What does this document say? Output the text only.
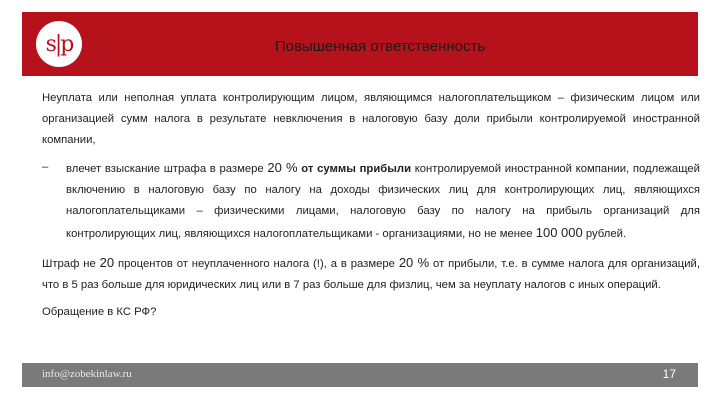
s|p	Повышенная ответственность

Неуплата или неполная уплата контролирующим лицом, являющимся налогоплательщиком – физическим лицом или организацией сумм налога в результате невключения в налоговую базу доли прибыли контролируемой иностранной компании,

–	влечет взыскание штрафа в размере 20 % от суммы прибыли контролируемой иностранной компании, подлежащей включению в налоговую базу по налогу на доходы физических лиц для контролирующих лиц, являющихся налогоплательщиками – физическими лицами, налоговую базу по налогу на прибыль организаций для контролирующих лиц, являющихся налогоплательщиками - организациями, но не менее 100 000 рублей.

Штраф не 20 процентов от неуплаченного налога (!), а в размере 20 % от прибыли, т.е. в сумме налога для организаций, что в 5 раз больше для юридических лиц или в 7 раз больше для физлиц, чем за неуплату налогов с иных операций.

Обращение в КС РФ?

info@zobekinlaw.ru	17
